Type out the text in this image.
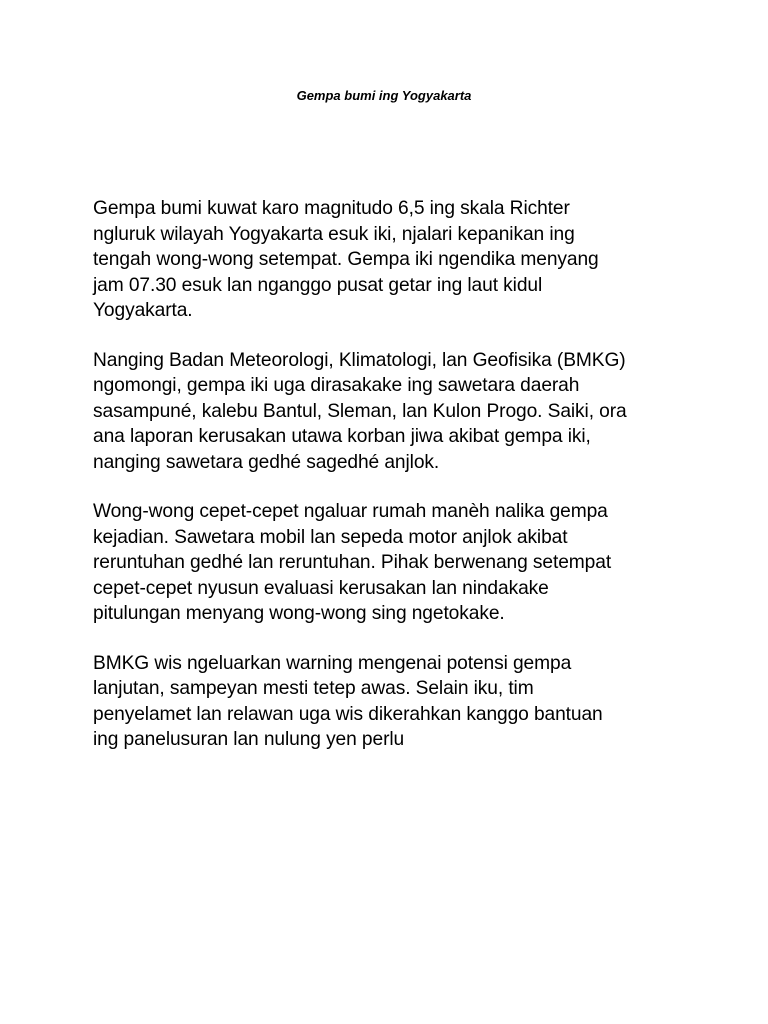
Gempa bumi ing Yogyakarta

Gempa bumi kuwat karo magnitudo 6,5 ing skala Richter
ngluruk wilayah Yogyakarta esuk iki, njalari kepanikan ing
tengah wong-wong setempat. Gempa iki ngendika menyang
jam 07.30 esuk lan nganggo pusat getar ing laut kidul
Yogyakarta.

Nanging Badan Meteorologi, Klimatologi, lan Geofisika (BMKG)
ngomongi, gempa iki uga dirasakake ing sawetara daerah
sasampuné, kalebu Bantul, Sleman, lan Kulon Progo. Saiki, ora
ana laporan kerusakan utawa korban jiwa akibat gempa iki,
nanging sawetara gedhé sagedhé anjlok.

Wong-wong cepet-cepet ngaluar rumah manèh nalika gempa
kejadian. Sawetara mobil lan sepeda motor anjlok akibat
reruntuhan gedhé lan reruntuhan. Pihak berwenang setempat
cepet-cepet nyusun evaluasi kerusakan lan nindakake
pitulungan menyang wong-wong sing ngetokake.

BMKG wis ngeluarkan warning mengenai potensi gempa
lanjutan, sampeyan mesti tetep awas. Selain iku, tim
penyelamet lan relawan uga wis dikerahkan kanggo bantuan
ing panelusuran lan nulung yen perlu
